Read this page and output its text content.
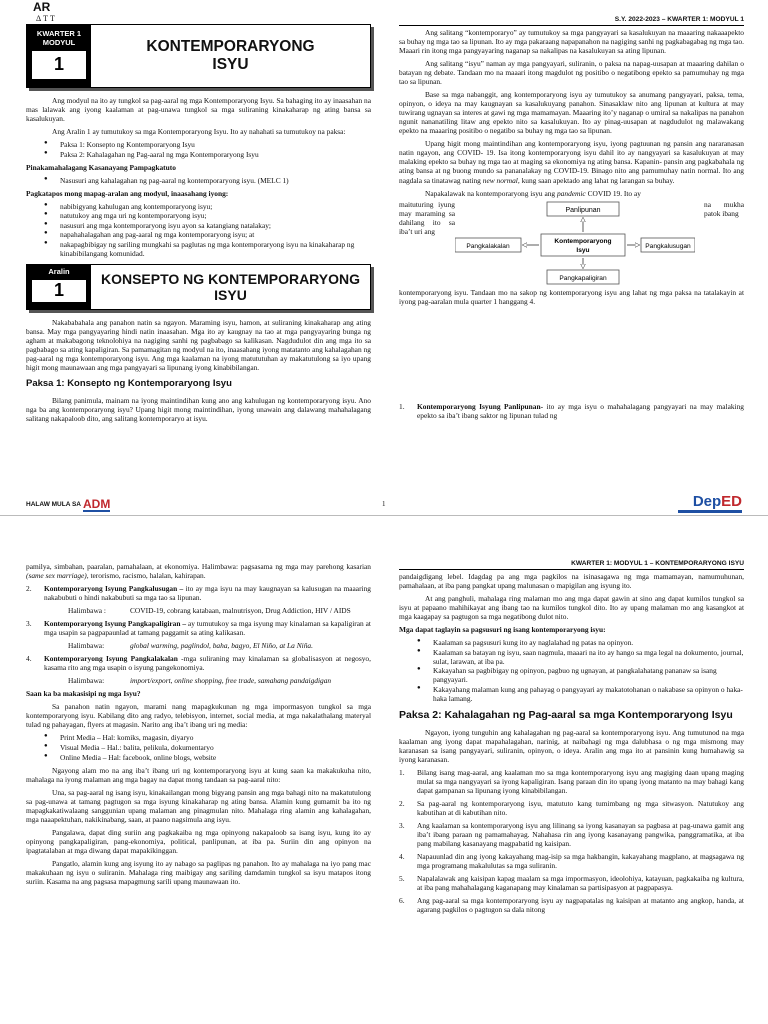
AR
ΔTT
KWARTER 1
MODYUL
1
KONTEMPORARYONG
ISYU

Ang modyul na ito ay tungkol sa pag-aaral ng mga Kontemporaryong Isyu. Sa bahaging ito ay inaasahan na mas lalawak ang iyong kaalaman at pag-unawa tungkol sa mga suliraning kinakaharap ng ating bansa sa kasalukuyan.

Ang Aralin 1 ay tumutukoy sa mga Kontemporaryong Isyu. Ito ay nahahati sa tumutukoy na paksa:

● Paksa 1: Konsepto ng Kontemporaryong Isyu
● Paksa 2: Kahalagahan ng Pag-aaral ng mga Kontemporaryong Isyu

Pinakamahalagang Kasanayang Pampagkatuto

● Nasusuri ang kahalagahan ng pag-aaral ng kontemporaryong isyu. (MELC 1)

Pagkatapos mong mapag-aralan ang modyul, inaasahang iyong:

● nabibigyang kahulugan ang kontemporaryong isyu;
● natutukoy ang mga uri ng kontemporaryong isyu;
● nasusuri ang mga kontemporaryong isyu ayon sa katangiang natalakay;
● napahahalagahan ang pag-aaral ng mga kontemporaryong isyu; at
● nakapagbibigay ng sariling mungkahi sa paglutas ng mga kontemporaryong isyu na kinakaharap ng kinabibilangang komunidad.
Aralin
1
KONSEPTO NG KONTEMPORARYONG
ISYU

Nakababahala ang panahon natin sa ngayon. Maraming isyu, hamon, at suliraning kinakaharap ang ating bansa. May mga pangyayaring hindi natin inaasahan. Mga ito ay kaugnay na tao at mga pangyayaring bunga ng agham at makabagong teknolohiya na nagiging sanhi ng pagbabago sa kalikasan. Nagdudulot din ang mga ito sa pagbabago sa ating kapaligiran. Sa pamamagitan ng modyul na ito, inaasahang iyong matatanto ang kahalagahan ng pag-aaral ng mga kontemporaryong isyu. Ang mga kaalaman na iyong matututuhan ay makatutulong sa iyo upang higit mong maunawaan ang mga pangyayari sa lipunang iyong kinabibilangan.

Paksa 1: Konsepto ng Kontemporaryong Isyu

Bilang panimula, mainam na iyong maintindihan kung ano ang kahulugan ng kontemporaryong isyu. Ano nga ba ang kontemporaryong isyu? Upang higit mong maintindihan, iyong unawain ang dalawang mahahalagang salitang nakapaloob dito, ang salitang kontemporaryo at isyu.

S.Y. 2022-2023 – KWARTER 1: MODYUL 1

Ang salitang “kontemporaryo” ay tumutukoy sa mga pangyayari sa kasalukuyan na maaaring nakaaapekto sa buhay ng mga tao sa lipunan. Ito ay mga pakaraang napapanahon na nagiging sanhi ng pagkabagabag ng mga tao. Maaari rin itong mga pangyayaring naganap sa nakalipas na kasalukuyan sa ating lipunan.

Ang salitang “isyu” naman ay mga pangyayari, suliranin, o paksa na napag-uusapan at maaaring dahilan o batayan ng debate. Tandaan mo na maaari itong magdulot ng positibo o negatibong epekto sa pamumuhay ng mga tao sa lipunan.

Base sa mga nabanggit, ang kontemporaryong isyu ay tumutukoy sa anumang pangyayari, paksa, tema, opinyon, o ideya na may kaugnayan sa kasalukuyang panahon. Sinasaklaw nito ang lipunan at kultura at may tuwirang ugnayan sa interes at gawi ng mga mamamayan. Maaaring ito’y naganap o umiral sa nakalipas na panahon ngunit nananatiling litaw ang epekto nito sa kasalukuyan. Ito ay pinag-uusapan at nagdudulot ng malawakang epekto na maaaring positibo o negatibo sa buhay ng mga tao sa lipunan.

Upang higit mong maintindihan ang kontemporaryong isyu, iyong pagtuunan ng pansin ang nararanasan natin ngayon, ang COVID- 19. Isa itong kontemporaryong isyu dahil ito ay nangyayari sa kasalukuyan at may malaking epekto sa buhay ng mga tao at maging sa ekonomiya ng ating bansa. Kapanin- pansin ang pagkabahala ng ating bansa at ng buong mundo sa pananalakay ng COVID-19. Binago nito ang pamumuhay natin normal. Ito ang nagdala sa tinatawag nating new normal, kung saan apektado ang lahat ng larangan sa buhay.

Napakalawak na kontemporaryong isyu ang pandemic COVID 19. Ito ay

maituturing iyung may maraming sa dahilang ito sa iba’t uri ang
na mukha patok ibang
Panlipunan
Kontemporaryong
Isyu
Pangkalakalan	Pangkalusugan
Pangkapaligiran

kontemporaryong isyu. Tandaan mo na sakop ng kontemporaryong isyu ang lahat ng mga paksa na tatalakayin at iyong pag-aaralan mula quarter 1 hanggang 4.

1.	Kontemporaryong Isyung Panlipunan- ito ay mga isyu o mahahalagang pangyayari na may malaking epekto sa iba’t ibang saktor ng lipunan tulad ng
HALAW MULA SA ADM	1	DepED

pamilya, simbahan, paaralan, pamahalaan, at ekonomiya. Halimbawa: pagsasama ng mga may parehong kasarian (same sex marriage), terorismo, racismo, halalan, kahirapan.

2.	Kontemporaryong Isyung Pangkalusugan – ito ay mga isyu na may kaugnayan sa kalusugan na maaaring nakabubuti o hindi nakabubuti sa mga tao sa lipunan.
Halimbawa :	COVID-19, cobrang katabaan, malnutrisyon, Drug Addiction, HIV / AIDS
3.	Kontemporaryong Isyung Pangkapaligiran – ay tumutukoy sa mga isyung may kinalaman sa kapaligiran at mga usapin sa pagpapaunlad at tamang paggamit sa ating kalikasan.
Halimbawa:	global warming, paglindol, baha, bagyo, El Niño, at La Niña.
4.	Kontemporaryong Isyung Pangkalakalan -mga suliraning may kinalaman sa globalisasyon at negosyo, kasama rito ang mga usapin o isyung pangekonomiya.
Halimbawa:	import/export, online shopping, free trade, samahang pandaigdigan

Saan ka ba makasisipi ng mga Isyu?

Sa panahon natin ngayon, marami nang mapagkukunan ng mga impormasyon tungkol sa mga kontemporaryong isyu. Kabilang dito ang radyo, telebisyon, internet, social media, at mga nakalathalang materyal tulad ng pahayagan, flyers at magasin. Narito ang iba’t ibang uri ng media:

● Print Media – Hal: komiks, magasin, diyaryo
● Visual Media – Hal.: balita, pelikula, dokumentaryo
● Online Media – Hal: facebook, online blogs, website

Ngayong alam mo na ang iba’t ibang uri ng kontemporaryong isyu at kung saan ka makakukuha nito, mahalaga na iyong malaman ang mga bagay na dapat mong tandaan sa pag-aaral nito:

Una, sa pag-aaral ng isang isyu, kinakailangan mong bigyang pansin ang mga bahagi nito na makatutulong sa pag-unawa at tamang pagtugon sa mga isyung kinakaharap ng ating bansa. Alamin kung gumamit ba ito ng mapagkakatiwalaang sanggunian upang malaman ang pinagmulan nito. Mahalaga ring alamin ang kahalagahan, mga naaapektuhan, nakikinabang, saan, at paano nagsimula ang isyu.

Pangalawa, dapat ding suriin ang pagkakaiba ng mga opinyong nakapaloob sa isang isyu, kung ito ay opinyong pangkapaligiran, pang-ekonomiya, political, panlipunan, at iba pa. Suriin din ang opinyon na ipagtatalaban at mga diwang dapat mapakikinggan.

Pangatlo, alamin kung ang isyung ito ay nabago sa paglipas ng panahon. Ito ay mahalaga na iyo pang mac makakuhaan ng isyu o suliranin. Mahalaga ring maibigay ang sariling damdamin tungkol sa isyu matapos itong suriin. Kasama na ang pagsasa mapagmung sarili upang maunawaan ito.

KWARTER 1: MODYUL 1 – KONTEMPORARYONG ISYU

pandaigdigang lebel. Idagdag pa ang mga pagkilos na isinasagawa ng mga mamamayan, namumuhunan, pamahalaan, at iba pang pangkat upang malunasan o mapigilan ang isyung ito.

At ang panghuli, mahalaga ring malaman mo ang mga dapat gawin at sino ang dapat kumilos tungkol sa isyu at papaano mahihikayat ang ibang tao na kumilos tungkol dito. Ito ay upang malaman mo ang kasangkot at mga kaagapay sa pagtugon sa mga negatibong dulot nito.

Mga dapat taglayin sa pagsusuri ng isang kontemporaryong isyu:

● Kaalaman sa pagsusuri kung ito ay naglalahad ng patas na opinyon.
● Kaalaman sa batayan ng isyu, saan nagmula, maaari na ito ay hango sa mga legal na dokumento, journal, sulat, larawan, at iba pa.
● Kakayahan sa pagbibigay ng opinyon, pagbuo ng ugnayan, at pangkalahatang pananaw sa isang pangyayari.
● Kakayahang malaman kung ang pahayag o pangyayari ay makatotohanan o nakabase sa opinyon o haka-haka lamang.
Paksa 2: Kahalagahan ng Pag-aaral sa mga Kontemporaryong Isyu

Ngayon, iyong tunguhin ang kahalagahan ng pag-aaral sa kontemporaryong isyu. Ang tumutunod na mga kaalaman ang iyong dapat mapahalagahan, narinig, at naibahagi ng mga dalubhasa o ng mga mismong may karanasan sa isang pangyayari, suliranin, opinyon, o ideya. Aralin ang mga ito at pansinin kung humahawig sa iyong karanasan.

1.	Bilang isang mag-aaral, ang kaalaman mo sa mga kontemporaryong isyu ang magiging daan upang maging mulat sa mga nangyayari sa iyong kapaligiran. Isang paraan din ito upang iyong matanto na may bahagi kang dapat gampanan sa lipunang iyong kinabibilangan.
2.	Sa pag-aaral ng kontemporaryong isyu, matututo kang tumimbang ng mga sitwasyon. Natutukoy ang kabutihan at di kabutihan nito.
3.	Ang kaalaman sa kontemporaryong isyu ang lilinang sa iyong kasanayan sa pagbasa at pag-unawa gamit ang iba’t ibang paraan ng pamamahayag. Nahahasa rin ang iyong kasanayang pangwika, panggramatika, at iba pang mabilang kasanayang magpabatid ng kaisipan.
4.	Napauunlad din ang iyong kakayahang mag-isip sa mga hakbangin, kakayahang magplano, at magsagawa ng mga programang makalulutas sa mga suliranin.
5.	Napalalawak ang kaisipan kapag maalam sa mga impormasyon, ideolohiya, katayuan, pagkakaiba ng kultura, at iba pang mahahalagang kaganapang may kinalaman sa partisipasyon at pagpapasya.
6.	Ang pag-aaral sa mga kontemporaryong isyu ay nagpapatalas ng kaisipan at matanto ang angkop, handa, at agarang pagkilos o pagtugon sa dala nitong
